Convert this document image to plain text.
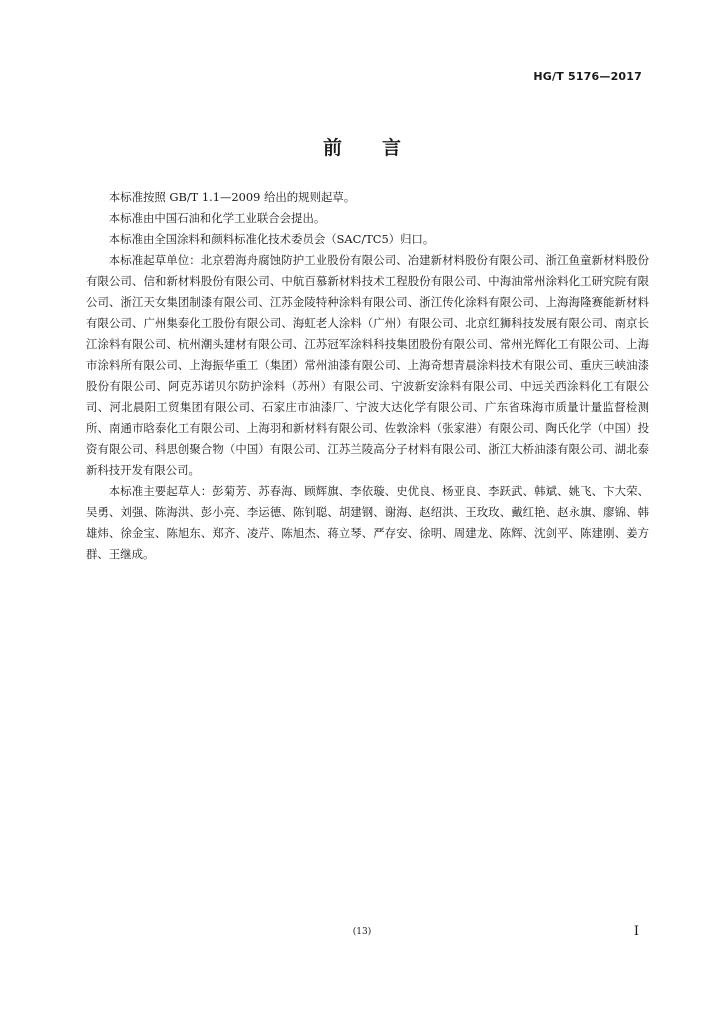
HG/T 5176—2017
前 言

本标准按照 GB/T 1.1—2009 给出的规则起草。

本标准由中国石油和化学工业联合会提出。

本标准由全国涂料和颜料标准化技术委员会（SAC/TC5）归口。

本标准起草单位：北京碧海舟腐蚀防护工业股份有限公司、冶建新材料股份有限公司、浙江鱼童新材料股份有限公司、信和新材料股份有限公司、中航百慕新材料技术工程股份有限公司、中海油常州涂料化工研究院有限公司、浙江天女集团制漆有限公司、江苏金陵特种涂料有限公司、浙江传化涂料有限公司、上海海隆赛能新材料有限公司、广州集泰化工股份有限公司、海虹老人涂料（广州）有限公司、北京红狮科技发展有限公司、南京长江涂料有限公司、杭州潮头建材有限公司、江苏冠军涂料科技集团股份有限公司、常州光辉化工有限公司、上海市涂料所有限公司、上海振华重工（集团）常州油漆有限公司、上海奇想青晨涂料技术有限公司、重庆三峡油漆股份有限公司、阿克苏诺贝尔防护涂料（苏州）有限公司、宁波新安涂料有限公司、中远关西涂料化工有限公司、河北晨阳工贸集团有限公司、石家庄市油漆厂、宁波大达化学有限公司、广东省珠海市质量计量监督检测所、南通市晗泰化工有限公司、上海羽和新材料有限公司、佐敦涂料（张家港）有限公司、陶氏化学（中国）投资有限公司、科思创聚合物（中国）有限公司、江苏兰陵高分子材料有限公司、浙江大桥油漆有限公司、湖北泰新科技开发有限公司。

本标准主要起草人：彭菊芳、苏春海、顾辉旗、李依璇、史优良、杨亚良、李跃武、韩斌、姚飞、卞大荣、吴勇、刘强、陈海洪、彭小亮、李运德、陈钊聪、胡建钢、谢海、赵绍洪、王玫玫、戴红艳、赵永旗、廖锦、韩雄炜、徐金宝、陈旭东、郑齐、凌芹、陈旭杰、蒋立琴、严存安、徐明、周建龙、陈辉、沈剑平、陈建刚、姜方群、王继成。

(13)	I
